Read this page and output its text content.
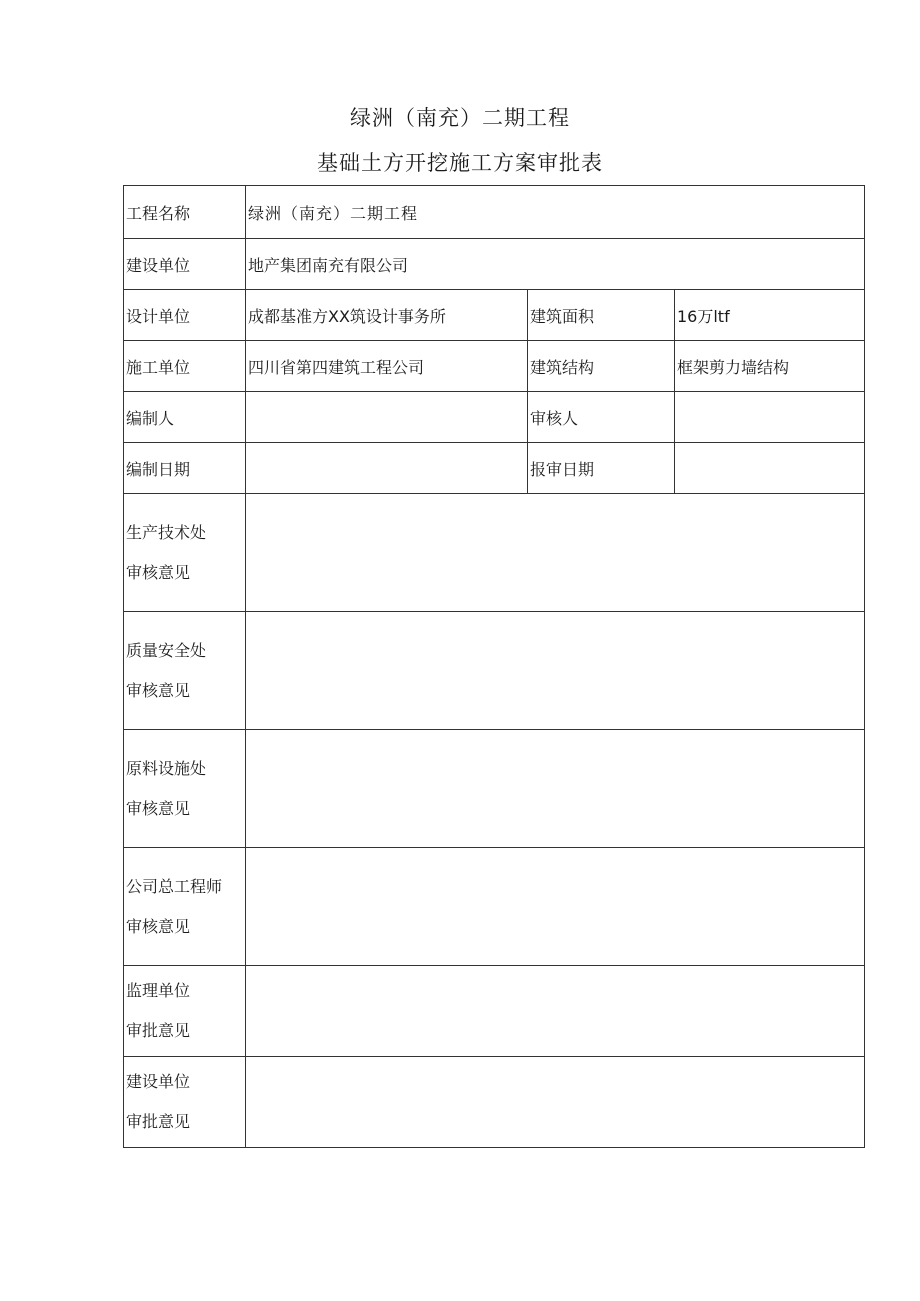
绿洲（南充）二期工程
基础土方开挖施工方案审批表
工程名称	绿洲（南充）二期工程		
建设单位	地产集团南充有限公司		
设计单位	成都基准方XX筑设计事务所	建筑面积	16万ltf
施工单位	四川省第四建筑工程公司	建筑结构	框架剪力墙结构
编制人		审核人	
编制日期		报审日期	

生产技术处
审核意见			

质量安全处
审核意见			

原料设施处
审核意见			

公司总工程师
审核意见			

监理单位
审批意见			

建设单位
审批意见			
